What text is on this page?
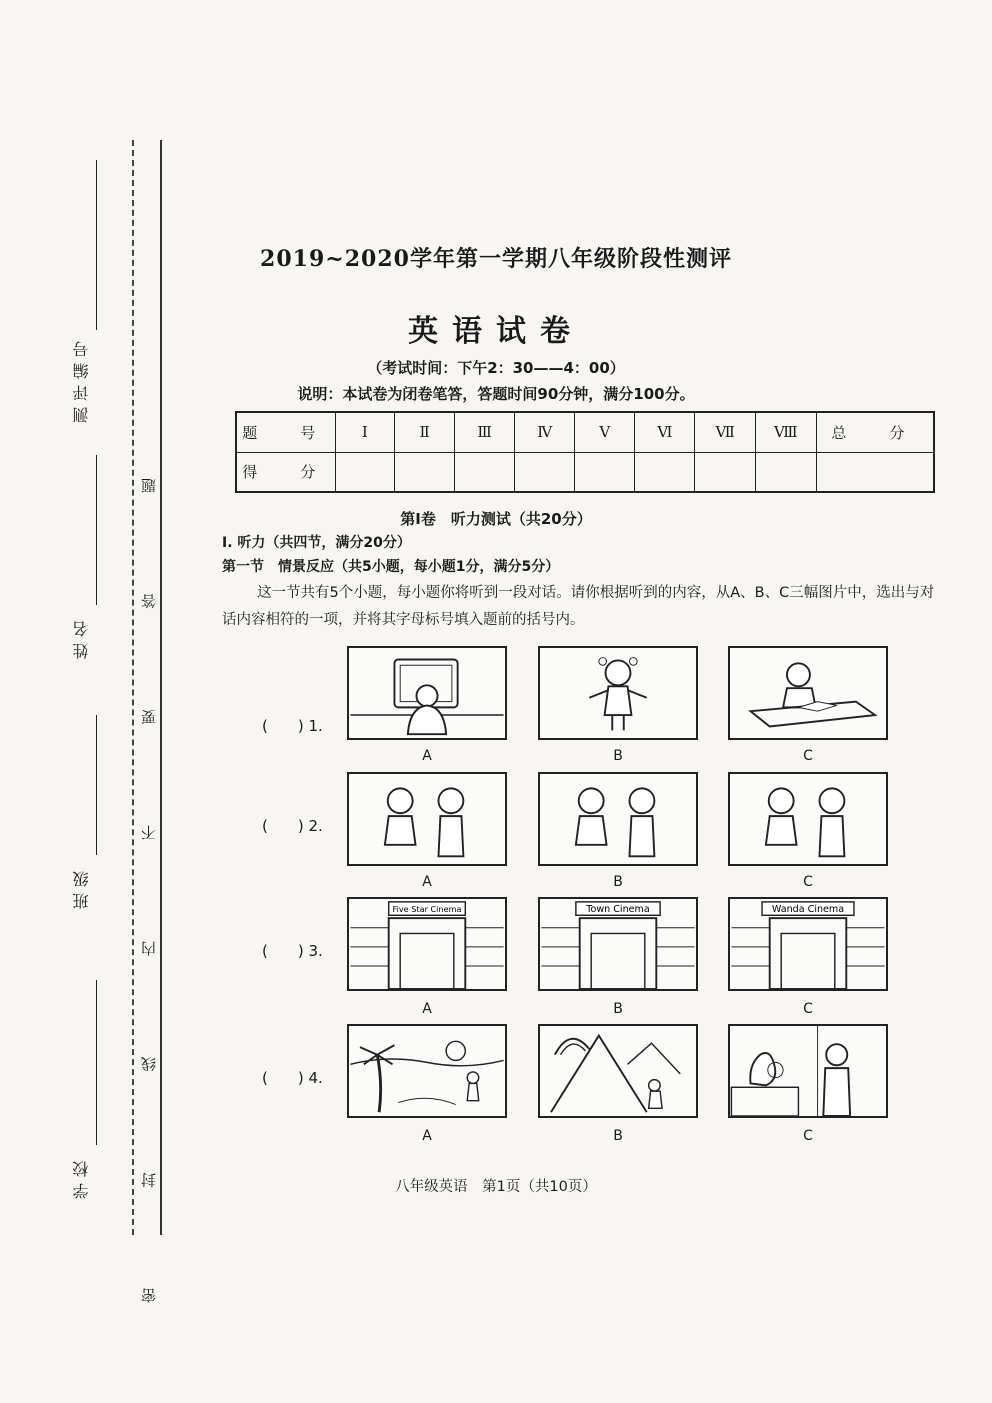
测评编号
姓名
班级
学校	密 封 线 内 不 要 答 题
2019~2020学年第一学期八年级阶段性测评
英语试卷
（考试时间：下午2：30——4：00）
说明：本试卷为闭卷笔答，答题时间90分钟，满分100分。
题　号	Ⅰ	Ⅱ	Ⅲ	Ⅳ	Ⅴ	Ⅵ	Ⅶ	Ⅷ	总　分
得　分									
第Ⅰ卷　听力测试（共20分）
Ⅰ. 听力（共四节，满分20分）
第一节　情景反应（共5小题，每小题1分，满分5分）
这一节共有5个小题，每小题你将听到一段对话。请你根据听到的内容，从A、B、C三幅图片中，选出与对话内容相符的一项，并将其字母标号填入题前的括号内。
(　　) 1.
A	B	C
(　　) 2.
A	B	C
(　　) 3.
Five Star Cinema	Town Cinema	Wanda Cinema
A	B	C
(　　) 4.
C
A	B
八年级英语　第1页（共10页）
